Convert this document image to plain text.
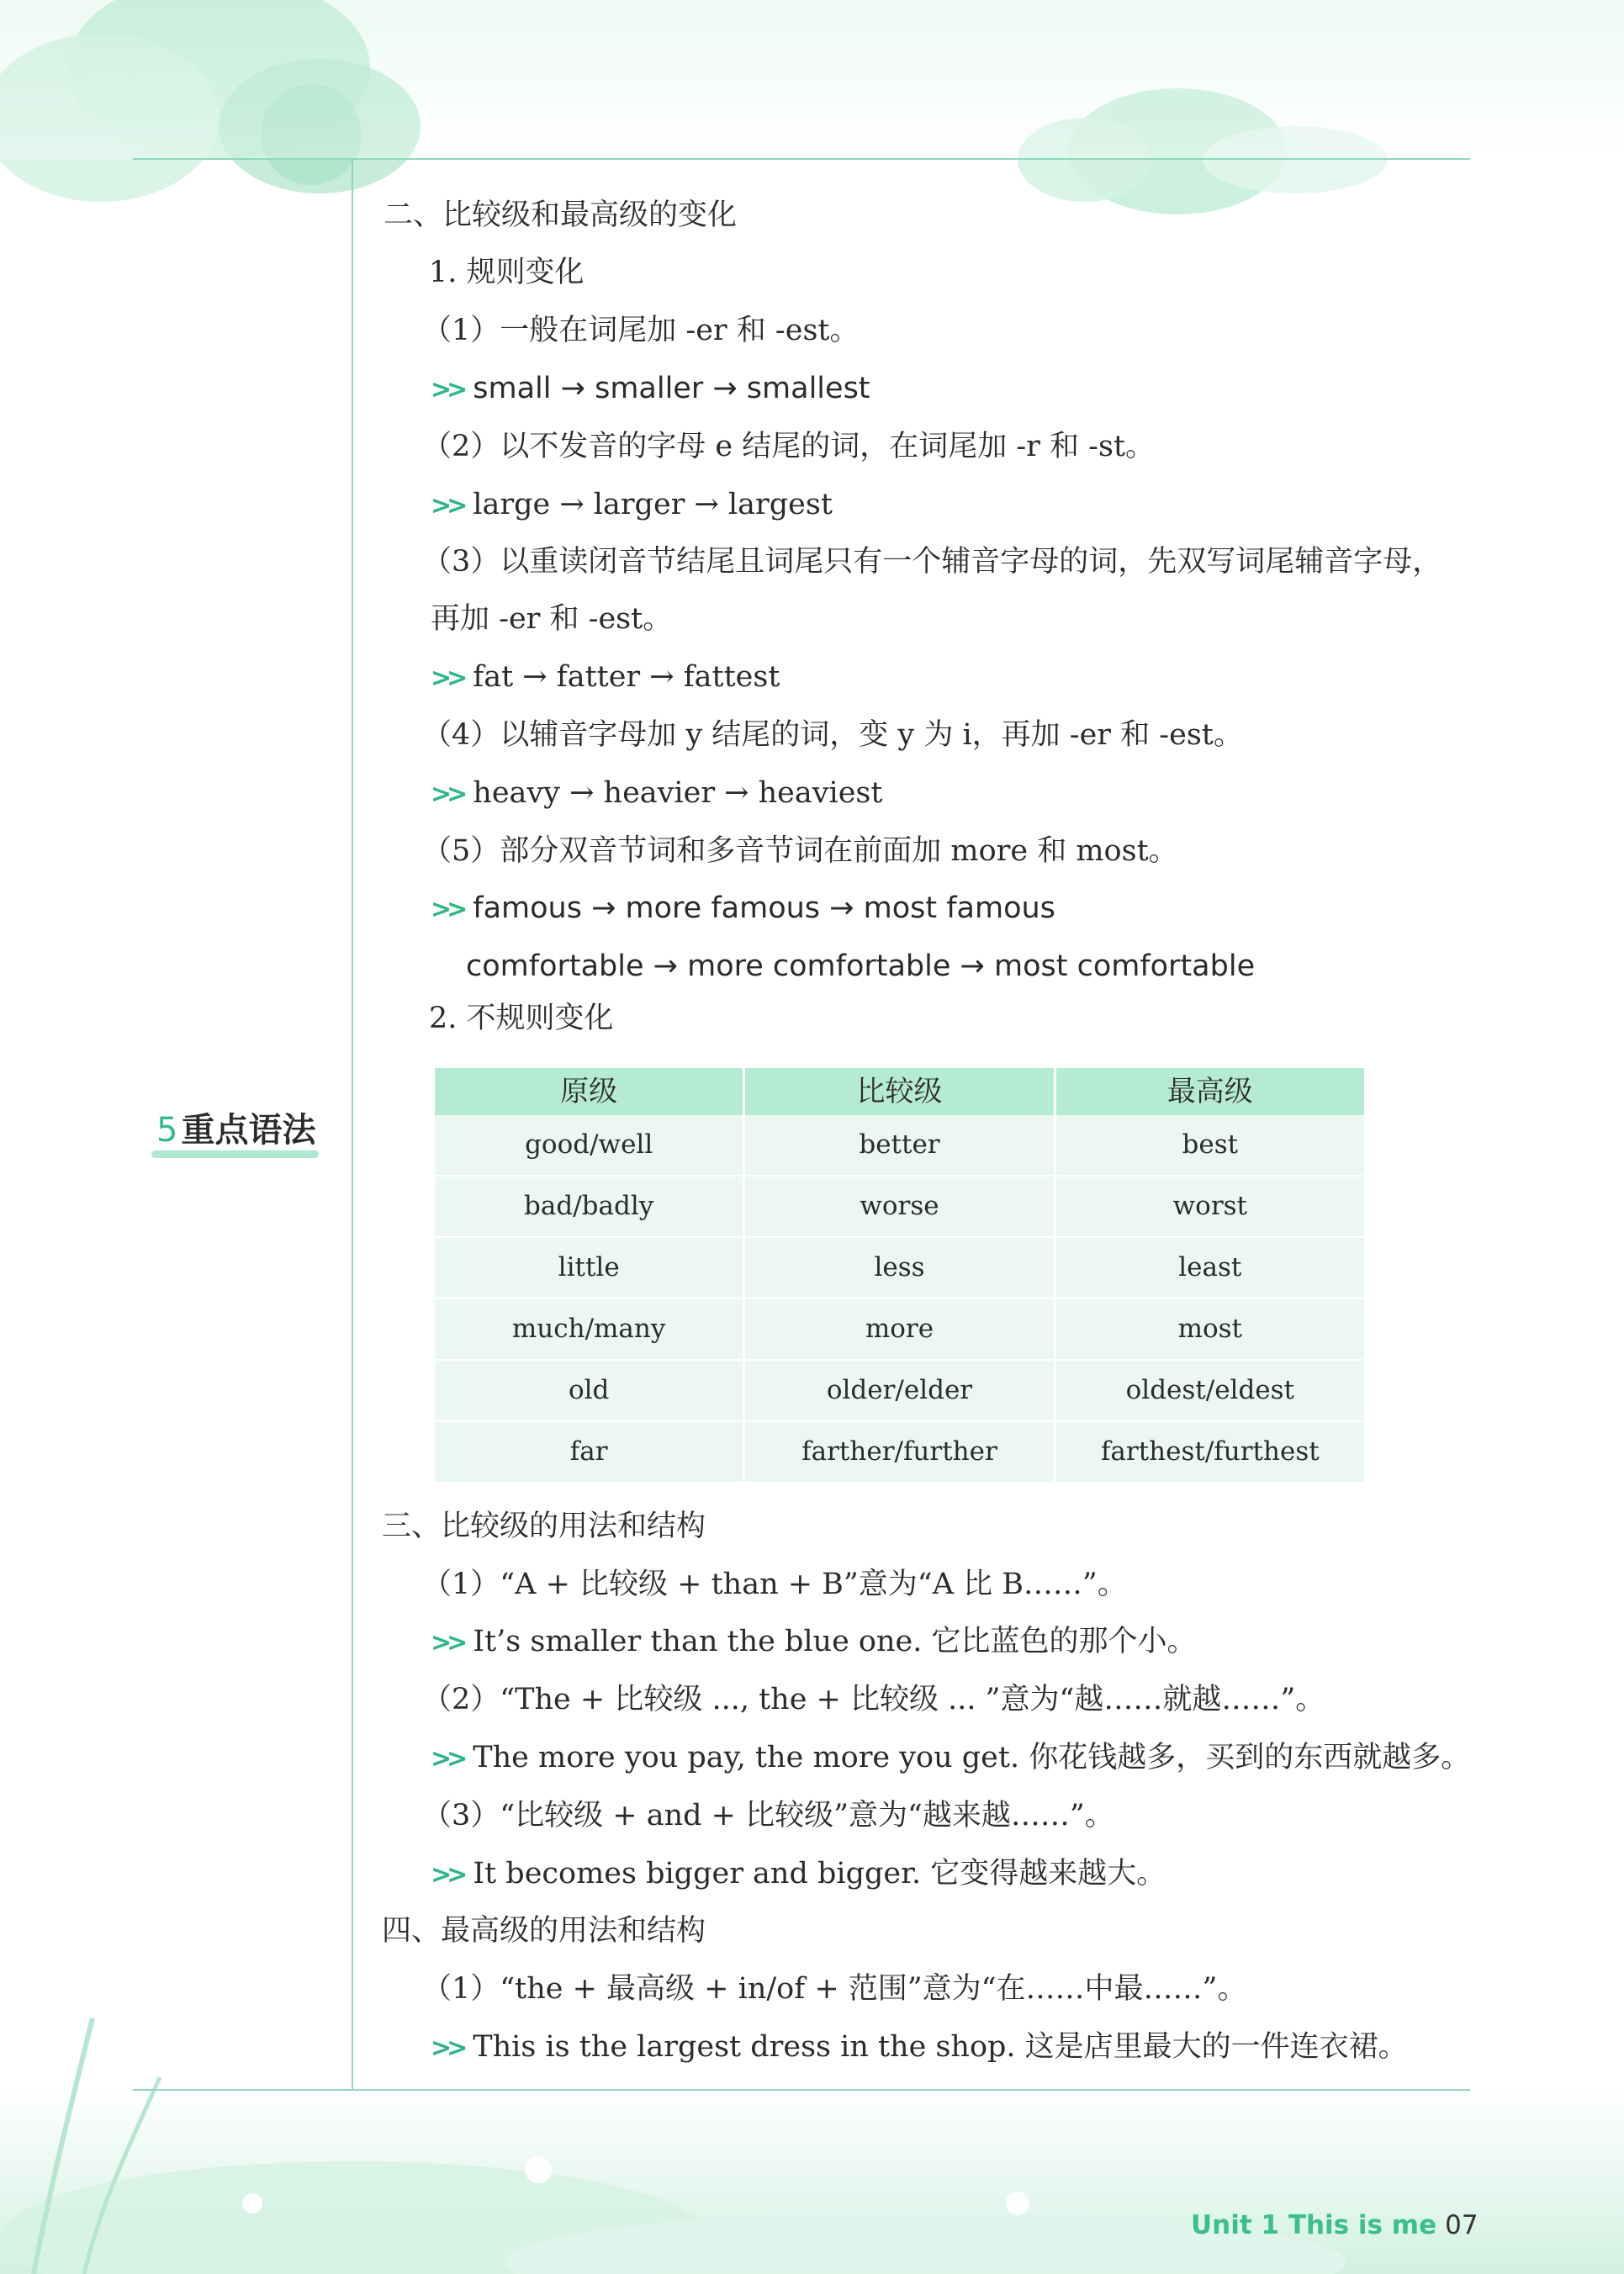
5 重点语法
二、比较级和最高级的变化
1. 规则变化
（1）一般在词尾加 -er 和 -est。
>> small → smaller → smallest
（2）以不发音的字母 e 结尾的词，在词尾加 -r 和 -st。
>> large → larger → largest
（3）以重读闭音节结尾且词尾只有一个辅音字母的词，先双写词尾辅音字母，
再加 -er 和 -est。
>> fat → fatter → fattest
（4）以辅音字母加 y 结尾的词，变 y 为 i，再加 -er 和 -est。
>> heavy → heavier → heaviest
（5）部分双音节词和多音节词在前面加 more 和 most。
>> famous → more famous → most famous
comfortable → more comfortable → most comfortable
2. 不规则变化
三、比较级的用法和结构
（1）“A + 比较级 + than + B”意为“A 比 B……”。
>> It’s smaller than the blue one. 它比蓝色的那个小。
（2）“The + 比较级 ..., the + 比较级 ... ”意为“越……就越……”。
>> The more you pay, the more you get. 你花钱越多，买到的东西就越多。
（3）“比较级 + and + 比较级”意为“越来越……”。
>> It becomes bigger and bigger. 它变得越来越大。
四、最高级的用法和结构
（1）“the + 最高级 + in/of + 范围”意为“在……中最……”。
>> This is the largest dress in the shop. 这是店里最大的一件连衣裙。
原级	比较级	最高级
good/well	better	best
bad/badly	worse	worst
little	less	least
much/many	more	most
old	older/elder	oldest/eldest
far	farther/further	farthest/furthest
Unit 1 This is me 07
